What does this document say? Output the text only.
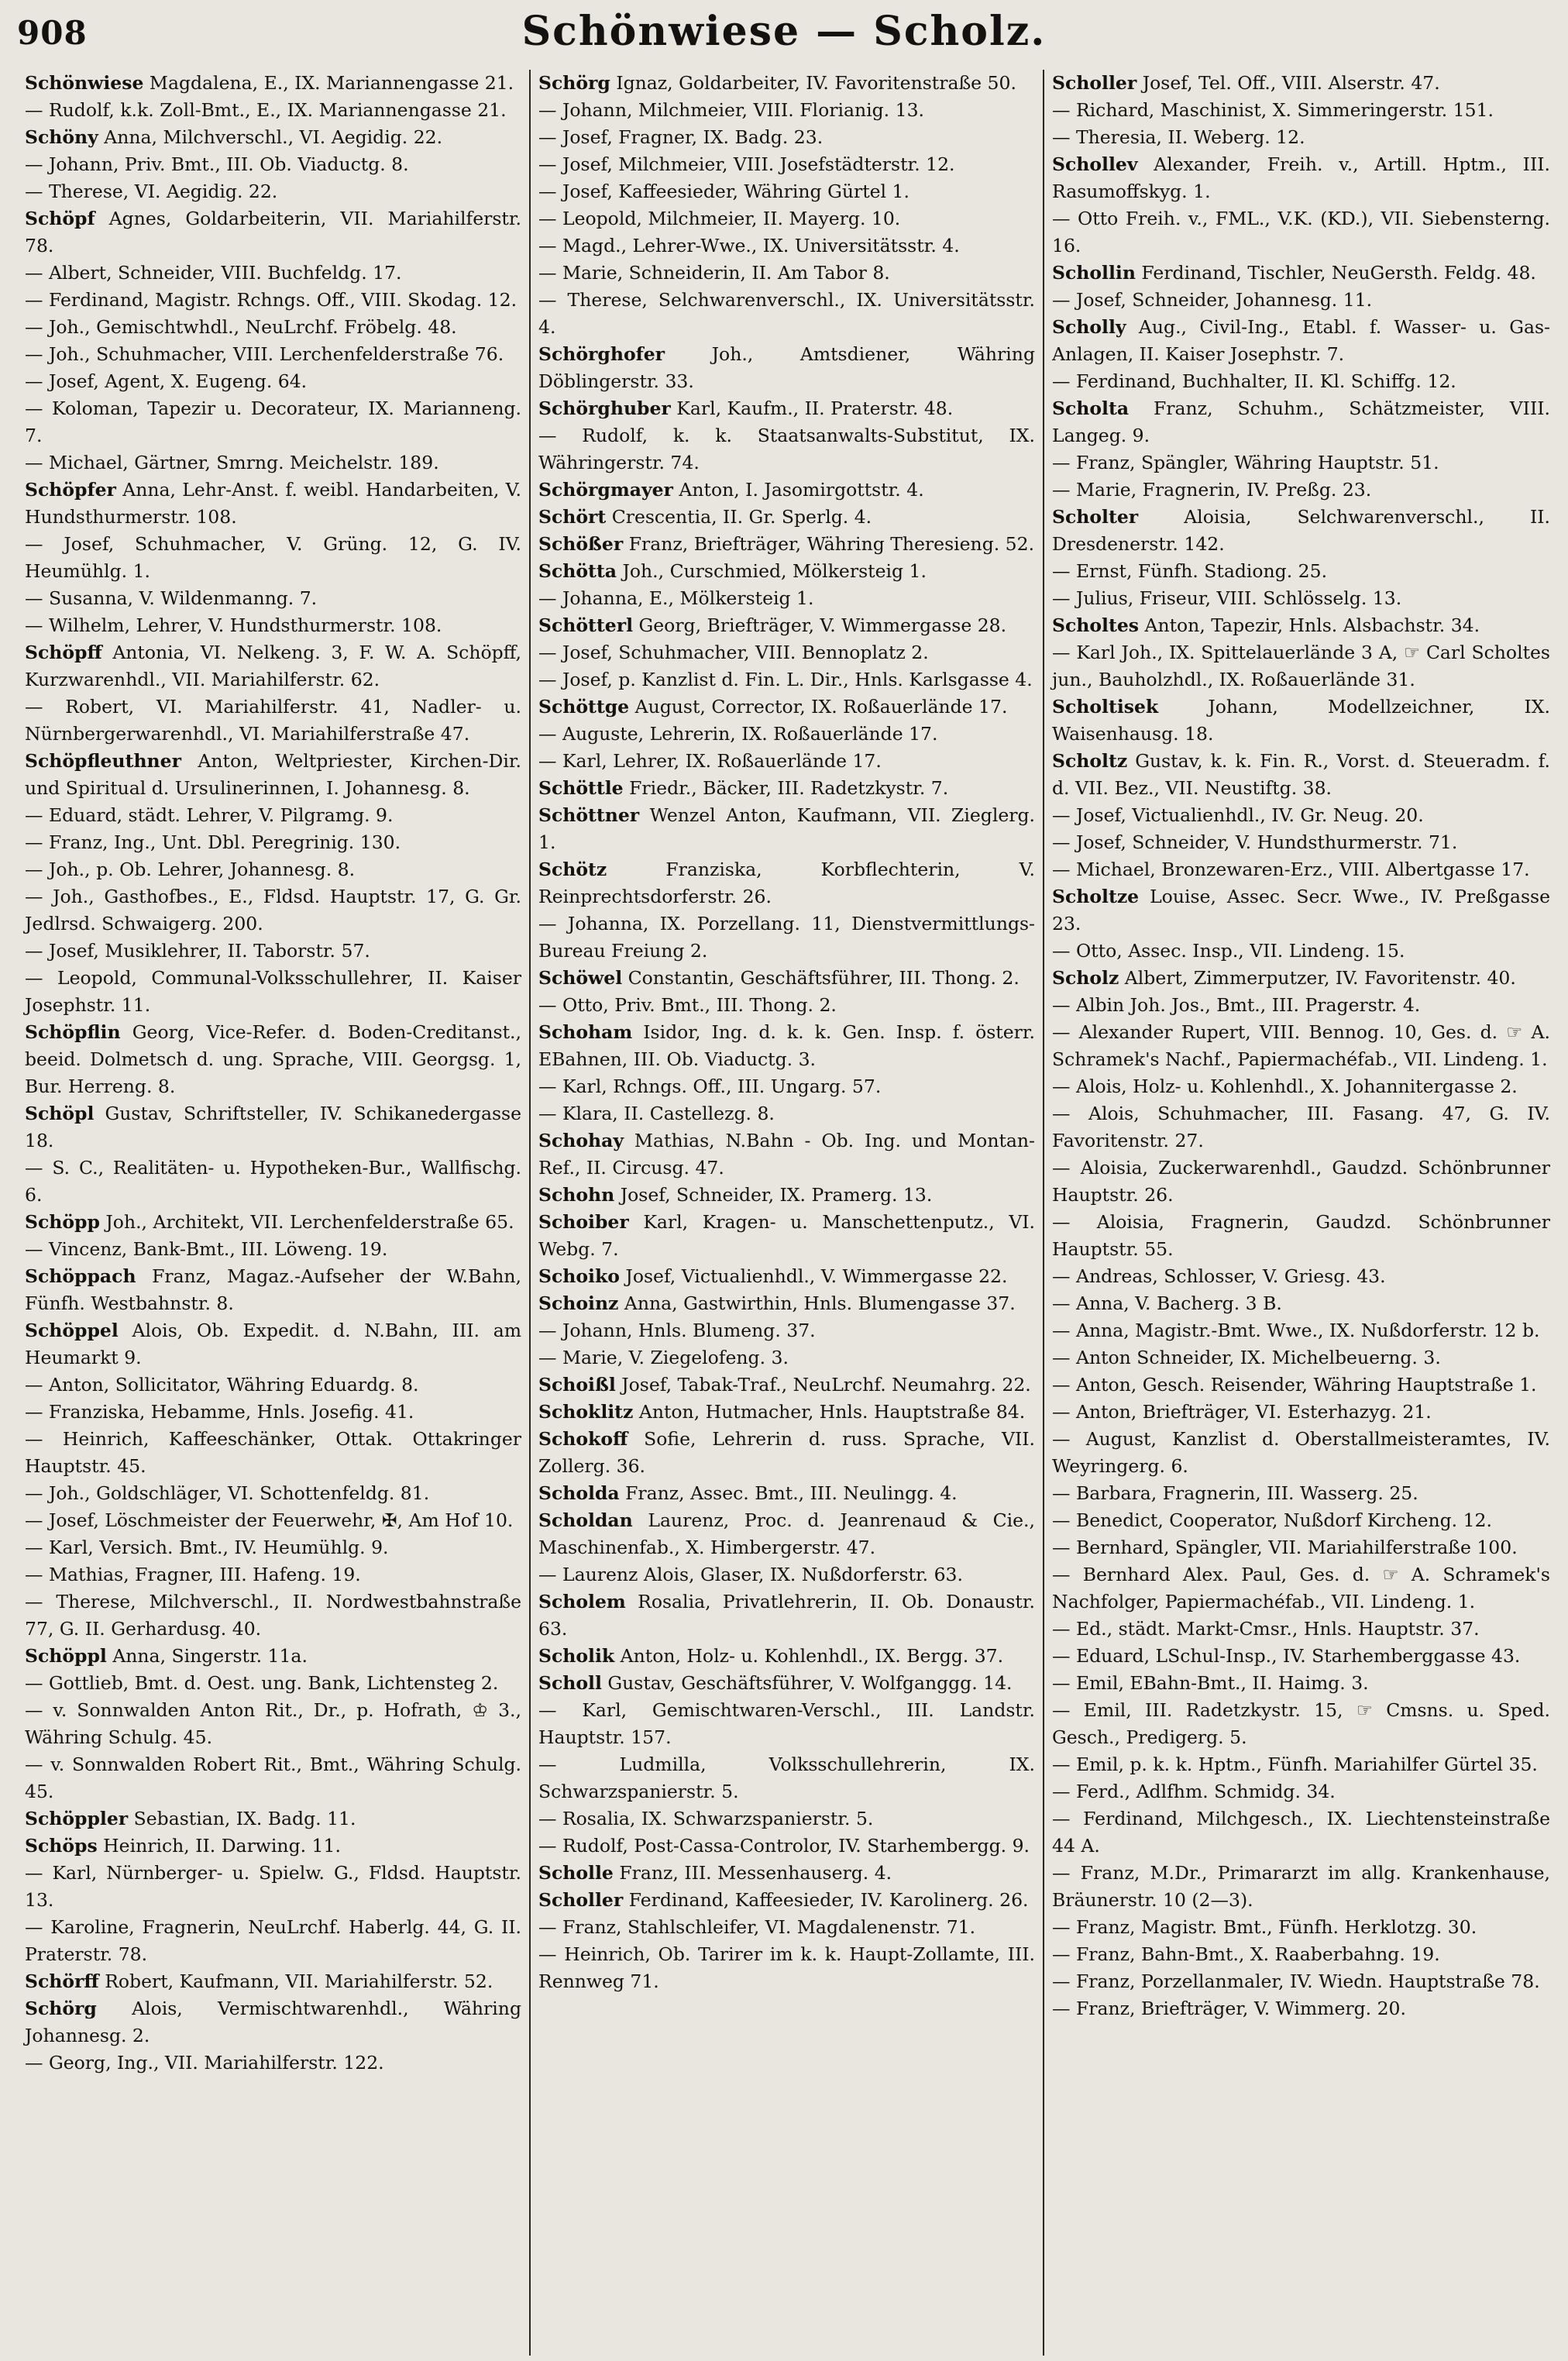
908	Schönwiese — Scholz.

Schönwiese Magdalena, E., IX. Mariannengasse 21.

— Rudolf, k.k. Zoll-Bmt., E., IX. Mariannengasse 21.

Schöny Anna, Milchverschl., VI. Aegidig. 22.

— Johann, Priv. Bmt., III. Ob. Viaductg. 8.

— Therese, VI. Aegidig. 22.

Schöpf Agnes, Goldarbeiterin, VII. Mariahilferstr. 78.

— Albert, Schneider, VIII. Buchfeldg. 17.

— Ferdinand, Magistr. Rchngs. Off., VIII. Skodag. 12.

— Joh., Gemischtwhdl., NeuLrchf. Fröbelg. 48.

— Joh., Schuhmacher, VIII. Lerchenfelderstraße 76.

— Josef, Agent, X. Eugeng. 64.

— Koloman, Tapezir u. Decorateur, IX. Marianneng. 7.

— Michael, Gärtner, Smrng. Meichelstr. 189.

Schöpfer Anna, Lehr-Anst. f. weibl. Handarbeiten, V. Hundsthurmerstr. 108.

— Josef, Schuhmacher, V. Grüng. 12, G. IV. Heumühlg. 1.

— Susanna, V. Wildenmanng. 7.

— Wilhelm, Lehrer, V. Hundsthurmerstr. 108.

Schöpff Antonia, VI. Nelkeng. 3, F. W. A. Schöpff, Kurzwarenhdl., VII. Mariahilferstr. 62.

— Robert, VI. Mariahilferstr. 41, Nadler- u. Nürnbergerwarenhdl., VI. Mariahilferstraße 47.

Schöpfleuthner Anton, Weltpriester, Kirchen-Dir. und Spiritual d. Ursulinerinnen, I. Johannesg. 8.

— Eduard, städt. Lehrer, V. Pilgramg. 9.

— Franz, Ing., Unt. Dbl. Peregrinig. 130.

— Joh., p. Ob. Lehrer, Johannesg. 8.

— Joh., Gasthofbes., E., Fldsd. Hauptstr. 17, G. Gr. Jedlrsd. Schwaigerg. 200.

— Josef, Musiklehrer, II. Taborstr. 57.

— Leopold, Communal-Volksschullehrer, II. Kaiser Josephstr. 11.

Schöpflin Georg, Vice-Refer. d. Boden-Creditanst., beeid. Dolmetsch d. ung. Sprache, VIII. Georgsg. 1, Bur. Herreng. 8.

Schöpl Gustav, Schriftsteller, IV. Schikanedergasse 18.

— S. C., Realitäten- u. Hypotheken-Bur., Wallfischg. 6.

Schöpp Joh., Architekt, VII. Lerchenfelderstraße 65.

— Vincenz, Bank-Bmt., III. Löweng. 19.

Schöppach Franz, Magaz.-Aufseher der W.Bahn, Fünfh. Westbahnstr. 8.

Schöppel Alois, Ob. Expedit. d. N.Bahn, III. am Heumarkt 9.

— Anton, Sollicitator, Währing Eduardg. 8.

— Franziska, Hebamme, Hnls. Josefig. 41.

— Heinrich, Kaffeeschänker, Ottak. Ottakringer Hauptstr. 45.

— Joh., Goldschläger, VI. Schottenfeldg. 81.

— Josef, Löschmeister der Feuerwehr, ✠, Am Hof 10.

— Karl, Versich. Bmt., IV. Heumühlg. 9.

— Mathias, Fragner, III. Hafeng. 19.

— Therese, Milchverschl., II. Nordwestbahnstraße 77, G. II. Gerhardusg. 40.

Schöppl Anna, Singerstr. 11a.

— Gottlieb, Bmt. d. Oest. ung. Bank, Lichtensteg 2.

— v. Sonnwalden Anton Rit., Dr., p. Hofrath, ♔ 3., Währing Schulg. 45.

— v. Sonnwalden Robert Rit., Bmt., Währing Schulg. 45.

Schöppler Sebastian, IX. Badg. 11.

Schöps Heinrich, II. Darwing. 11.

— Karl, Nürnberger- u. Spielw. G., Fldsd. Hauptstr. 13.

— Karoline, Fragnerin, NeuLrchf. Haberlg. 44, G. II. Praterstr. 78.

Schörff Robert, Kaufmann, VII. Mariahilferstr. 52.

Schörg Alois, Vermischtwarenhdl., Währing Johannesg. 2.

— Georg, Ing., VII. Mariahilferstr. 122.

Schörg Ignaz, Goldarbeiter, IV. Favoritenstraße 50.

— Johann, Milchmeier, VIII. Florianig. 13.

— Josef, Fragner, IX. Badg. 23.

— Josef, Milchmeier, VIII. Josefstädterstr. 12.

— Josef, Kaffeesieder, Währing Gürtel 1.

— Leopold, Milchmeier, II. Mayerg. 10.

— Magd., Lehrer-Wwe., IX. Universitätsstr. 4.

— Marie, Schneiderin, II. Am Tabor 8.

— Therese, Selchwarenverschl., IX. Universitätsstr. 4.

Schörghofer Joh., Amtsdiener, Währing Döblingerstr. 33.

Schörghuber Karl, Kaufm., II. Praterstr. 48.

— Rudolf, k. k. Staatsanwalts-Substitut, IX. Währingerstr. 74.

Schörgmayer Anton, I. Jasomirgottstr. 4.

Schört Crescentia, II. Gr. Sperlg. 4.

Schößer Franz, Briefträger, Währing Theresieng. 52.

Schötta Joh., Curschmied, Mölkersteig 1.

— Johanna, E., Mölkersteig 1.

Schötterl Georg, Briefträger, V. Wimmergasse 28.

— Josef, Schuhmacher, VIII. Bennoplatz 2.

— Josef, p. Kanzlist d. Fin. L. Dir., Hnls. Karlsgasse 4.

Schöttge August, Corrector, IX. Roßauerlände 17.

— Auguste, Lehrerin, IX. Roßauerlände 17.

— Karl, Lehrer, IX. Roßauerlände 17.

Schöttle Friedr., Bäcker, III. Radetzkystr. 7.

Schöttner Wenzel Anton, Kaufmann, VII. Zieglerg. 1.

Schötz Franziska, Korbflechterin, V. Reinprechtsdorferstr. 26.

— Johanna, IX. Porzellang. 11, Dienstvermittlungs-Bureau Freiung 2.

Schöwel Constantin, Geschäftsführer, III. Thong. 2.

— Otto, Priv. Bmt., III. Thong. 2.

Schoham Isidor, Ing. d. k. k. Gen. Insp. f. österr. EBahnen, III. Ob. Viaductg. 3.

— Karl, Rchngs. Off., III. Ungarg. 57.

— Klara, II. Castellezg. 8.

Schohay Mathias, N.Bahn - Ob. Ing. und Montan-Ref., II. Circusg. 47.

Schohn Josef, Schneider, IX. Pramerg. 13.

Schoiber Karl, Kragen- u. Manschettenputz., VI. Webg. 7.

Schoiko Josef, Victualienhdl., V. Wimmergasse 22.

Schoinz Anna, Gastwirthin, Hnls. Blumengasse 37.

— Johann, Hnls. Blumeng. 37.

— Marie, V. Ziegelofeng. 3.

Schoißl Josef, Tabak-Traf., NeuLrchf. Neumahrg. 22.

Schoklitz Anton, Hutmacher, Hnls. Hauptstraße 84.

Schokoff Sofie, Lehrerin d. russ. Sprache, VII. Zollerg. 36.

Scholda Franz, Assec. Bmt., III. Neulingg. 4.

Scholdan Laurenz, Proc. d. Jeanrenaud & Cie., Maschinenfab., X. Himbergerstr. 47.

— Laurenz Alois, Glaser, IX. Nußdorferstr. 63.

Scholem Rosalia, Privatlehrerin, II. Ob. Donaustr. 63.

Scholik Anton, Holz- u. Kohlenhdl., IX. Bergg. 37.

Scholl Gustav, Geschäftsführer, V. Wolfganggg. 14.

— Karl, Gemischtwaren-Verschl., III. Landstr. Hauptstr. 157.

— Ludmilla, Volksschullehrerin, IX. Schwarzspanierstr. 5.

— Rosalia, IX. Schwarzspanierstr. 5.

— Rudolf, Post-Cassa-Controlor, IV. Starhembergg. 9.

Scholle Franz, III. Messenhauserg. 4.

Scholler Ferdinand, Kaffeesieder, IV. Karolinerg. 26.

— Franz, Stahlschleifer, VI. Magdalenenstr. 71.

— Heinrich, Ob. Tarirer im k. k. Haupt-Zollamte, III. Rennweg 71.

Scholler Josef, Tel. Off., VIII. Alserstr. 47.

— Richard, Maschinist, X. Simmeringerstr. 151.

— Theresia, II. Weberg. 12.

Schollev Alexander, Freih. v., Artill. Hptm., III. Rasumoffskyg. 1.

— Otto Freih. v., FML., V.K. (KD.), VII. Siebensterng. 16.

Schollin Ferdinand, Tischler, NeuGersth. Feldg. 48.

— Josef, Schneider, Johannesg. 11.

Scholly Aug., Civil-Ing., Etabl. f. Wasser- u. Gas-Anlagen, II. Kaiser Josephstr. 7.

— Ferdinand, Buchhalter, II. Kl. Schiffg. 12.

Scholta Franz, Schuhm., Schätzmeister, VIII. Langeg. 9.

— Franz, Spängler, Währing Hauptstr. 51.

— Marie, Fragnerin, IV. Preßg. 23.

Scholter Aloisia, Selchwarenverschl., II. Dresdenerstr. 142.

— Ernst, Fünfh. Stadiong. 25.

— Julius, Friseur, VIII. Schlösselg. 13.

Scholtes Anton, Tapezir, Hnls. Alsbachstr. 34.

— Karl Joh., IX. Spittelauerlände 3 A, ☞ Carl Scholtes jun., Bauholzhdl., IX. Roßauerlände 31.

Scholtisek Johann, Modellzeichner, IX. Waisenhausg. 18.

Scholtz Gustav, k. k. Fin. R., Vorst. d. Steueradm. f. d. VII. Bez., VII. Neustiftg. 38.

— Josef, Victualienhdl., IV. Gr. Neug. 20.

— Josef, Schneider, V. Hundsthurmerstr. 71.

— Michael, Bronzewaren-Erz., VIII. Albertgasse 17.

Scholtze Louise, Assec. Secr. Wwe., IV. Preßgasse 23.

— Otto, Assec. Insp., VII. Lindeng. 15.

Scholz Albert, Zimmerputzer, IV. Favoritenstr. 40.

— Albin Joh. Jos., Bmt., III. Pragerstr. 4.

— Alexander Rupert, VIII. Bennog. 10, Ges. d. ☞ A. Schramek's Nachf., Papiermachéfab., VII. Lindeng. 1.

— Alois, Holz- u. Kohlenhdl., X. Johannitergasse 2.

— Alois, Schuhmacher, III. Fasang. 47, G. IV. Favoritenstr. 27.

— Aloisia, Zuckerwarenhdl., Gaudzd. Schönbrunner Hauptstr. 26.

— Aloisia, Fragnerin, Gaudzd. Schönbrunner Hauptstr. 55.

— Andreas, Schlosser, V. Griesg. 43.

— Anna, V. Bacherg. 3 B.

— Anna, Magistr.-Bmt. Wwe., IX. Nußdorferstr. 12 b.

— Anton Schneider, IX. Michelbeuerng. 3.

— Anton, Gesch. Reisender, Währing Hauptstraße 1.

— Anton, Briefträger, VI. Esterhazyg. 21.

— August, Kanzlist d. Oberstallmeisteramtes, IV. Weyringerg. 6.

— Barbara, Fragnerin, III. Wasserg. 25.

— Benedict, Cooperator, Nußdorf Kircheng. 12.

— Bernhard, Spängler, VII. Mariahilferstraße 100.

— Bernhard Alex. Paul, Ges. d. ☞ A. Schramek's Nachfolger, Papiermachéfab., VII. Lindeng. 1.

— Ed., städt. Markt-Cmsr., Hnls. Hauptstr. 37.

— Eduard, LSchul-Insp., IV. Starhemberggasse 43.

— Emil, EBahn-Bmt., II. Haimg. 3.

— Emil, III. Radetzkystr. 15, ☞ Cmsns. u. Sped. Gesch., Predigerg. 5.

— Emil, p. k. k. Hptm., Fünfh. Mariahilfer Gürtel 35.

— Ferd., Adlfhm. Schmidg. 34.

— Ferdinand, Milchgesch., IX. Liechtensteinstraße 44 A.

— Franz, M.Dr., Primararzt im allg. Krankenhause, Bräunerstr. 10 (2—3).

— Franz, Magistr. Bmt., Fünfh. Herklotzg. 30.

— Franz, Bahn-Bmt., X. Raaberbahng. 19.

— Franz, Porzellanmaler, IV. Wiedn. Hauptstraße 78.

— Franz, Briefträger, V. Wimmerg. 20.
